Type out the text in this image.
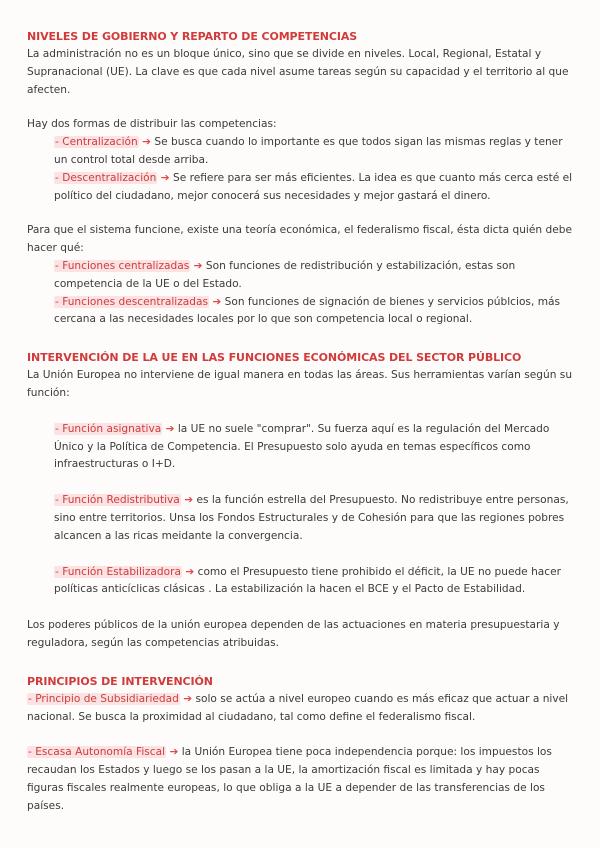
NIVELES DE GOBIERNO Y REPARTO DE COMPETENCIAS

La administración no es un bloque único, sino que se divide en niveles. Local, Regional, Estatal y Supranacional (UE). La clave es que cada nivel asume tareas según su capacidad y el territorio al que afecten.

Hay dos formas de distribuir las competencias:

- Centralización ➔ Se busca cuando lo importante es que todos sigan las mismas reglas y tener un control total desde arriba.

- Descentralización ➔ Se refiere para ser más eficientes. La idea es que cuanto más cerca esté el político del ciudadano, mejor conocerá sus necesidades y mejor gastará el dinero.

Para que el sistema funcione, existe una teoría económica, el federalismo fiscal, ésta dicta quién debe hacer qué:

- Funciones centralizadas ➔ Son funciones de redistribución y estabilización, estas son competencia de la UE o del Estado.

- Funciones descentralizadas ➔ Son funciones de signación de bienes y servicios públcios, más cercana a las necesidades locales por lo que son competencia local o regional.

INTERVENCIÓN DE LA UE EN LAS FUNCIONES ECONÓMICAS DEL SECTOR PÚBLICO

La Unión Europea no interviene de igual manera en todas las áreas. Sus herramientas varían según su función:

- Función asignativa ➔ la UE no suele "comprar". Su fuerza aquí es la regulación del Mercado Único y la Política de Competencia. El Presupuesto solo ayuda en temas específicos como infraestructuras o I+D.

- Función Redistributiva ➔ es la función estrella del Presupuesto. No redistribuye entre personas, sino entre territorios. Unsa los Fondos Estructurales y de Cohesión para que las regiones pobres alcancen a las ricas meidante la convergencia.

- Función Estabilizadora ➔ como el Presupuesto tiene prohibido el déficit, la UE no puede hacer políticas anticíclicas clásicas . La estabilización la hacen el BCE y el Pacto de Estabilidad.

Los poderes públicos de la unión europea dependen de las actuaciones en materia presupuestaria y reguladora, según las competencias atribuidas.

PRINCIPIOS DE INTERVENCIÓN

- Principio de Subsidiariedad ➔ solo se actúa a nivel europeo cuando es más eficaz que actuar a nivel nacional. Se busca la proximidad al ciudadano, tal como define el federalismo fiscal.

- Escasa Autonomía Fiscal ➔ la Unión Europea tiene poca independencia porque: los impuestos los recaudan los Estados y luego se los pasan a la UE, la amortización fiscal es limitada y hay pocas figuras fiscales realmente europeas, lo que obliga a la UE a depender de las transferencias de los países.
